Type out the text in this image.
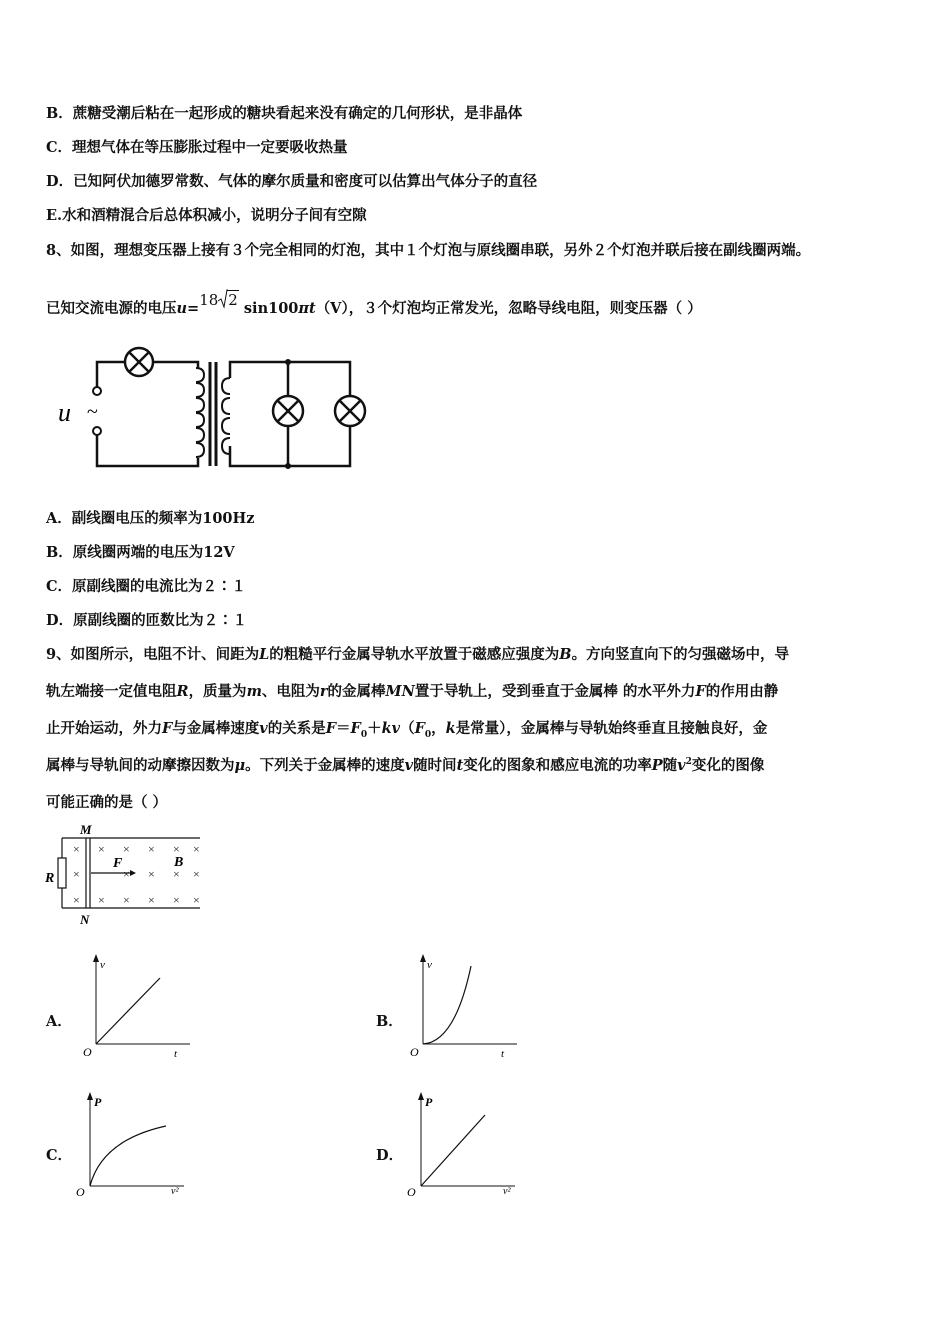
B．蔗糖受潮后粘在一起形成的糖块看起来没有确定的几何形状，是非晶体
C．理想气体在等压膨胀过程中一定要吸收热量
D．已知阿伏加德罗常数、气体的摩尔质量和密度可以估算出气体分子的直径
E.水和酒精混合后总体积减小，说明分子间有空隙
8、如图，理想变压器上接有３个完全相同的灯泡，其中１个灯泡与原线圈串联，另外２个灯泡并联后接在副线圈两端。
已知交流电源的电压u=18 2 sin100πt（V），３个灯泡均正常发光，忽略导线电阻，则变压器（ ）
u ~
A．副线圈电压的频率为100Hz
B．原线圈两端的电压为12V
C．原副线圈的电流比为２∶１
D．原副线圈的匝数比为２∶１
9、如图所示，电阻不计、间距为L的粗糙平行金属导轨水平放置于磁感应强度为B。方向竖直向下的匀强磁场中，导
轨左端接一定值电阻R，质量为m、电阻为r的金属棒MN置于导轨上，受到垂直于金属棒 的水平外力F的作用由静
止开始运动，外力F与金属棒速度v的关系是$F=F_0+kv(F_0$，k是常量），金属棒与导轨始终垂直且接触良好，金
属棒与导轨间的动摩擦因数为μ。下列关于金属棒的速度v随时间t变化的图象和感应电流的功率P随$v^2$变化的图像
可能正确的是（ ）
M
N
R
× × × × × ×
×	× × × ×
× × × × × ×
F	B
A．
v
O	t
B．
v
O	t
C．
P
O	v²
D．
P
O	v²
